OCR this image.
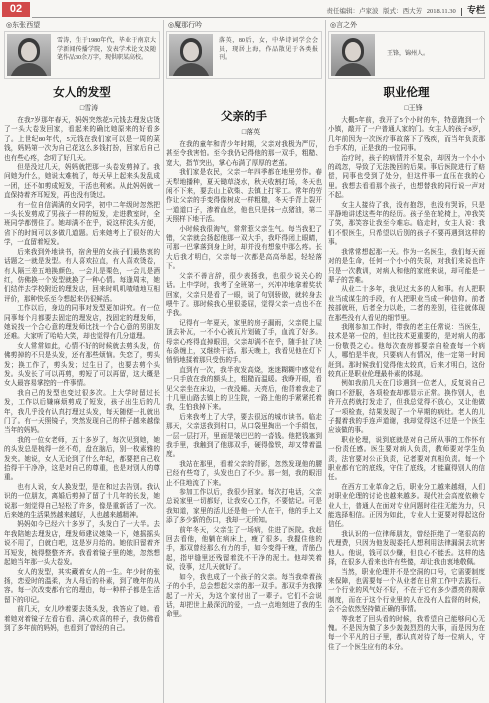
02	责任编辑：卢家波 版式：西大芳 2018.11.30 专栏
◎东张西望
雪涛，生于1980年代，毕业于南京大学新闻传播学院，发表学术论文及随笔作品30余万字，现供职某高校。
女人的发型
□雪涛

在我7岁那年春天，妈妈突然花5元钱去理发店烫了一头大卷发回家，看起来的确比她原来的好看多了。上世纪80年代，5元钱在我们家可以是一周的菜钱，妈妈第一次为自己花这么多钱打扮，回家后自己也有些心疼，念叨了好几天。

但是没过几天，妈妈就把那一头卷发剪掉了。我问她为什么，她说太难梳了，每天早上起来头发乱成一团，还不如剪成短发，干活也利索。从此妈妈就一直保持着齐耳短发，再也没有烫过。

有一位自信满满的女同学，初中二年级时忽然把一头长发剪成了男孩子一样的短发，走进教室时，全班同学都愣住了。她却满不在乎，说这样洗头方便，省下的时间可以多做几道题。后来她考上了很好的大学，一直留着短发。

后来我到外地读书，宿舍里的女孩子们最热衷的话题之一就是发型。有人喜欢拉直，有人喜欢烫卷，有人隔三差五地换颜色，一会儿是栗色，一会儿是酒红，仿佛换一个发型就换了一种心情。每逢周末，她们结伴去学校附近的理发店，回来时叽叽喳喳地互相评价，那种快乐至今想起来仍很鲜活。

工作以后，身边的同事对发型更加讲究。有一位同事每个月都要去固定的理发店，找固定的理发师，她说找一个合心意的理发师比找一个合心意的男朋友还难。大家听了哈哈大笑，却也觉得有几分道理。

女人常常如此，心情不好的时候就去剪头发，仿佛剪掉的不只是头发，还有那些烦恼。失恋了，剪头发；换工作了，剪头发；过生日了，也要去剪个头发。头发长了可以再剪，剪短了可以再留，这大概是女人最容易掌控的一件事情。

我自己的发型也变过很多次。上大学时留过长发，工作以后嫌麻烦剪成了短发，孩子出生后的几年，我几乎没有认真打理过头发，每天随便一扎就出门了。有一天照镜子，突然发现自己的样子越来越像当年的妈妈。

我的一位女老师，五十多岁了，每次见到她，她的头发总是梳得一丝不苟，盘在脑后，别一枚素雅的发夹。她说，女人无论到了什么年纪，都要把自己收拾得干干净净，这是对自己的尊重，也是对别人的尊重。

也有人说，女人换发型，是在和过去告别。我认识的一位朋友，离婚后剪掉了留了十几年的长发，她说那一刻觉得自己轻松了许多，像是重新活了一次。后来她的生活果然越来越好，人也越来越精神。

妈妈如今已经六十多岁了，头发白了一大半。去年我陪她去理发店，理发师建议她染一下，她摇摇头说不用了，白就白吧，这是岁月给的。她依旧留着齐耳短发，梳得整整齐齐。我看着镜子里的她，忽然想起她当年那一头大卷发。

女人的发型，其实藏着女人的一生。年少时的张扬，恋爱时的温柔，为人母后的朴素，到了晚年的从容。每一次改变都有它的理由，每一种样子都是生活留下的印记。

前几天，女儿吵着要去烫头发，我答应了她。看着她对着镜子左看右看、满心欢喜的样子，我仿佛看到了多年前的妈妈，也看到了曾经的自己。

◎魔那行吟
落英，80后，女，中华诗词学会会员，现居上海，作品散见于各类报刊。
父亲的手
□落英

在我的童年和青少年时期，父亲对我极为严厉，甚至令我害怕。至今我仍记得他的那一双手，粗糙、宽大，指节突出，掌心布满了厚厚的老茧。

我们家是农民，父亲一年四季都在地里劳作。春天犁地播种，夏天锄草浇水，秋天收割打场，冬天也闲不下来，要去山上砍柴、去镇上打零工。常年的劳作让父亲的手变得像树皮一样粗糙，冬天手背上裂开一道道口子，渗着血丝，他也只是抹一点猪油，第二天照样下地干活。

小时候我很淘气，常常惹父亲生气。每当我犯了错，父亲就会扬起他那一双大手，我吓得闭上眼睛，可那一巴掌落到身上时，却并没有想象中那么疼。长大后我才明白，父亲每一次都是高高举起，轻轻落下。

父亲不善言辞，很少表扬我，也很少说关心的话。上中学时，我考了全班第一，兴冲冲地拿着奖状回家，父亲只是看了一眼，说了句别骄傲，就转身去喂牛了。那时候我心里很委屈，觉得父亲一点也不在乎我。

记得有一年夏天，家里的房子漏雨，父亲爬上屋顶去补瓦，一不小心被瓦片划破了手，血流了好多。母亲心疼得直掉眼泪，父亲却满不在乎，随手扯了块布条缠上，又继续干活。那天晚上，我看见他在灯下悄悄地揉着那只受伤的手。

直到有一次，我半夜发高烧，迷迷糊糊中感觉有一只手放在我的额头上，粗糙而温暖。我睁开眼，看见父亲坐在床边，一夜没睡。天亮后，他背着我走了十几里山路去镇上的卫生院，一路上他的手紧紧托着我，生怕我掉下来。

后来我考上了大学，要去很远的城市读书。临走那天，父亲送我到村口，从口袋里掏出一个手绢包，一层一层打开，里面是皱巴巴的一沓钱。他把钱塞到我手里，我触到了他那双手，硬得像铁，却又带着温度。

我站在那里，看着父亲的背影，忽然发现他的腰已经有些弯了，头发也白了不少。那一刻，我的眼泪止不住地流了下来。

参加工作以后，我很少回家。每次打电话，父亲总说家里一切都好，让我安心工作，不要惦记。可是我知道，家里的活儿还是他一个人在干，他的手上又添了多少新的伤口，我却一无所知。

前年冬天，父亲生了一场病，住进了医院。我赶回去看他，他躺在病床上，瘦了很多。我握住他的手，那双曾经那么有力的手，如今变得干瘦，青筋凸起，指甲缝里还残留着洗不干净的泥土。他却笑着说，没事，过几天就好了。

如今，我也成了一个孩子的父亲。每当我牵着孩子的小手，总会想起父亲的那一双手。那双手为我撑起了一片天，为这个家付出了一辈子。它们不会说话，却把世上最深沉的爱，一点一点地刻进了我的生命里。

◎言之外
王锋，锦州人。
职业伦理
□王锋

大概5年前，我开了5个小时的车，特意跑到一个小镇，敲开了一户普通人家的门。女主人的孩子8岁，几年前因为一次医疗事故落下了残疾，而当年负责那台手术的，正是我的一位同事。

治疗时，孩子的病情并不复杂，却因为一个小小的疏忽，导致了无法挽回的后果。事后医院进行了赔偿，同事也受到了处分，但这件事一直压在我的心里。我想去看看那个孩子，也想替我的同行说一声对不起。

女主人接待了我，没有抱怨，也没有哭诉，只是平静地讲述这些年的经历。孩子坐在轮椅上，冲我笑了笑，那笑容让我至今难忘。临走时，女主人说：我们不恨医生，只希望以后别的孩子不要再遇到这样的事。

我常常想起那一天。作为一名医生，我们每天面对的是生命，任何一个小小的失误，对我们来说也许只是一次教训，对病人和他的家庭来说，却可能是一辈子的苦难。

从业二十多年，我见过太多的人和事。有人把职业当成谋生的手段，有人把职业当成一种信仰。前者按部就班，后者全力以赴，二者的差别，往往就体现在那些没有人看见的细节里。

我刚参加工作时，带我的老主任常说：当医生，技术是第一位的，但比技术更重要的，是对病人的那一份敬畏之心。他每次查房都要亲自检查每一个病人，哪怕是半夜，只要病人有情况，他一定第一时间赶到。那时候我们觉得他太较真，后来才明白，这份较真正是职业伦理最朴素的体现。

例如我前几天在门诊遇到一位老人，反复说自己胸口不舒服，各项检查却都显示正常。换作别人，也许开点药就打发走了，但我总觉得不放心，又让他做了一项检查，结果发现了一个早期的病灶。老人的儿子握着我的手连声道谢，我却觉得这不过是一个医生应该做的事。

职业伦理，说到底就是对自己所从事的工作怀有一份责任感。医生要对病人负责，教师要对学生负责，法官要对公正负责，记者要对真相负责。每一个职业都有它的底线，守住了底线，才能赢得别人的信任。

在西方工业革命之后，职业分工越来越细，人们对职业伦理的讨论也越来越多。现代社会高度依赖专业人士，普通人在面对专业问题时往往无能为力，只能选择相信。正因为如此，专业人士更要对得起这份信任。

我认识的一位律师朋友，曾经拒绝了一笔很高的代理费，只因为他发现委托人想利用法律漏洞去坑害他人。他说，钱可以少赚，但良心不能丢。这样的选择，在很多人看来也许有些傻，却让我由衷地敬佩。

当然，职业伦理并不是空洞的口号，它需要制度来保障，也需要每一个从业者在日常工作中去践行。一个行业的风气好不好，不在于它有多少漂亮的规章制度，而在于这个行业里的人在没有人监督的时候，会不会依然坚持做正确的事情。

等我老了回头看的时候，我希望自己能够问心无愧。不是因为做了多少轰轰烈烈的大事，而是因为在每一个平凡的日子里，都认真对待了每一位病人，守住了一个医生应有的本分。
